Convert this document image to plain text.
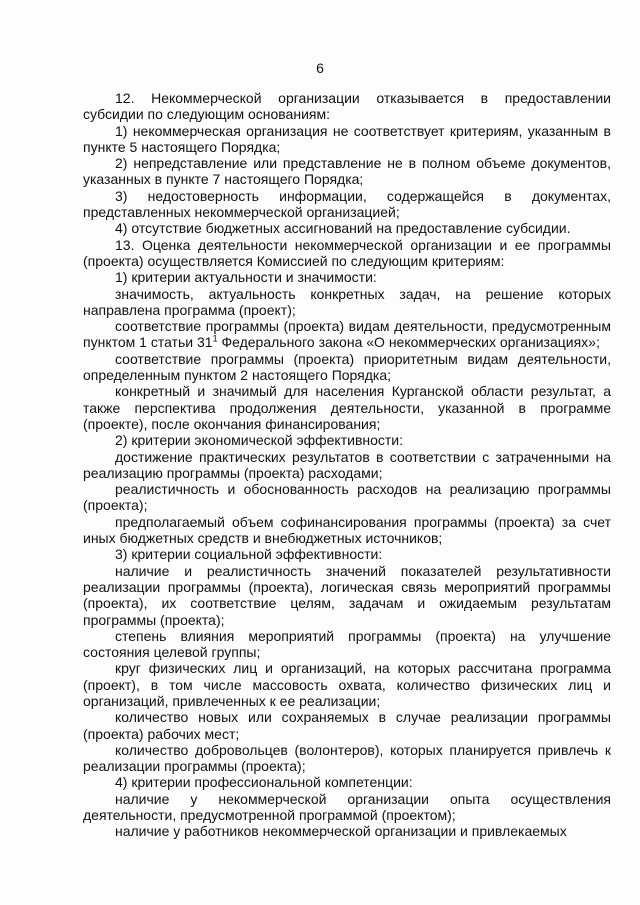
6

12. Некоммерческой организации отказывается в предоставлении субсидии по следующим основаниям:

1) некоммерческая организация не соответствует критериям, указанным в пункте 5 настоящего Порядка;

2) непредставление или представление не в полном объеме документов, указанных в пункте 7 настоящего Порядка;

3) недостоверность информации, содержащейся в документах, представленных некоммерческой организацией;

4) отсутствие бюджетных ассигнований на предоставление субсидии.

13. Оценка деятельности некоммерческой организации и ее программы (проекта) осуществляется Комиссией по следующим критериям:

1) критерии актуальности и значимости:

значимость, актуальность конкретных задач, на решение которых направлена программа (проект);

соответствие программы (проекта) видам деятельности, предусмотренным пунктом 1 статьи $31^1$ Федерального закона «О некоммерческих организациях»;

соответствие программы (проекта) приоритетным видам деятельности, определенным пунктом 2 настоящего Порядка;

конкретный и значимый для населения Курганской области результат, а также перспектива продолжения деятельности, указанной в программе (проекте), после окончания финансирования;

2) критерии экономической эффективности:

достижение практических результатов в соответствии с затраченными на реализацию программы (проекта) расходами;

реалистичность и обоснованность расходов на реализацию программы (проекта);

предполагаемый объем софинансирования программы (проекта) за счет иных бюджетных средств и внебюджетных источников;

3) критерии социальной эффективности:

наличие и реалистичность значений показателей результативности реализации программы (проекта), логическая связь мероприятий программы (проекта), их соответствие целям, задачам и ожидаемым результатам программы (проекта);

степень влияния мероприятий программы (проекта) на улучшение состояния целевой группы;

круг физических лиц и организаций, на которых рассчитана программа (проект), в том числе массовость охвата, количество физических лиц и организаций, привлеченных к ее реализации;

количество новых или сохраняемых в случае реализации программы (проекта) рабочих мест;

количество добровольцев (волонтеров), которых планируется привлечь к реализации программы (проекта);

4) критерии профессиональной компетенции:

наличие у некоммерческой организации опыта осуществления деятельности, предусмотренной программой (проектом);

наличие у работников некоммерческой организации и привлекаемых
